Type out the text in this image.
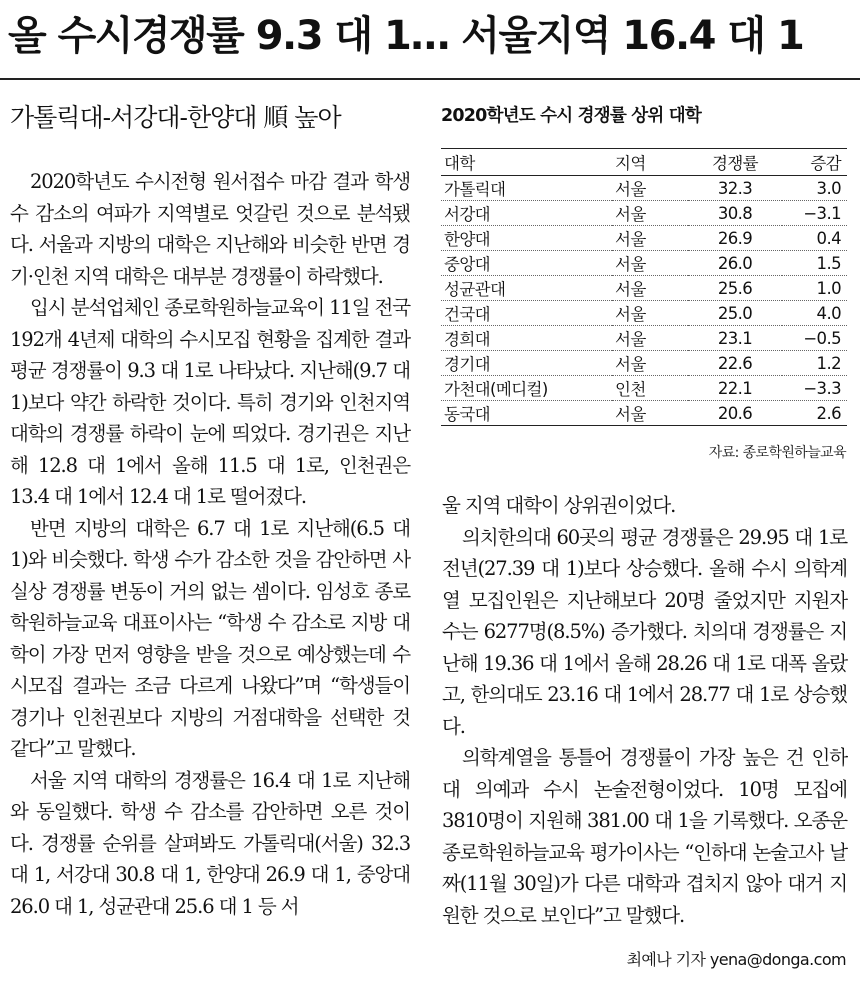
올 수시경쟁률 9.3 대 1… 서울지역 16.4 대 1
가톨릭대-서강대-한양대 順 높아

2020학년도 수시전형 원서접수 마감 결과 학생 수 감소의 여파가 지역별로 엇갈린 것으로 분석됐다. 서울과 지방의 대학은 지난해와 비슷한 반면 경기·인천 지역 대학은 대부분 경쟁률이 하락했다.

입시 분석업체인 종로학원하늘교육이 11일 전국 192개 4년제 대학의 수시모집 현황을 집계한 결과 평균 경쟁률이 9.3 대 1로 나타났다. 지난해(9.7 대 1)보다 약간 하락한 것이다. 특히 경기와 인천지역 대학의 경쟁률 하락이 눈에 띄었다. 경기권은 지난해 12.8 대 1에서 올해 11.5 대 1로, 인천권은 13.4 대 1에서 12.4 대 1로 떨어졌다.

반면 지방의 대학은 6.7 대 1로 지난해(6.5 대 1)와 비슷했다. 학생 수가 감소한 것을 감안하면 사실상 경쟁률 변동이 거의 없는 셈이다. 임성호 종로학원하늘교육 대표이사는 “학생 수 감소로 지방 대학이 가장 먼저 영향을 받을 것으로 예상했는데 수시모집 결과는 조금 다르게 나왔다”며 “학생들이 경기나 인천권보다 지방의 거점대학을 선택한 것 같다”고 말했다.

서울 지역 대학의 경쟁률은 16.4 대 1로 지난해와 동일했다. 학생 수 감소를 감안하면 오른 것이다. 경쟁률 순위를 살펴봐도 가톨릭대(서울) 32.3 대 1, 서강대 30.8 대 1, 한양대 26.9 대 1, 중앙대 26.0 대 1, 성균관대 25.6 대 1 등 서

2020학년도 수시 경쟁률 상위 대학
대학	지역	경쟁률	증감
가톨릭대	서울	32.3	3.0
서강대	서울	30.8	−3.1
한양대	서울	26.9	0.4
중앙대	서울	26.0	1.5
성균관대	서울	25.6	1.0
건국대	서울	25.0	4.0
경희대	서울	23.1	−0.5
경기대	서울	22.6	1.2
가천대(메디컬)	인천	22.1	−3.3
동국대	서울	20.6	2.6
자료: 종로학원하늘교육

울 지역 대학이 상위권이었다.

의치한의대 60곳의 평균 경쟁률은 29.95 대 1로 전년(27.39 대 1)보다 상승했다. 올해 수시 의학계열 모집인원은 지난해보다 20명 줄었지만 지원자 수는 6277명(8.5%) 증가했다. 치의대 경쟁률은 지난해 19.36 대 1에서 올해 28.26 대 1로 대폭 올랐고, 한의대도 23.16 대 1에서 28.77 대 1로 상승했다.

의학계열을 통틀어 경쟁률이 가장 높은 건 인하대 의예과 수시 논술전형이었다. 10명 모집에 3810명이 지원해 381.00 대 1을 기록했다. 오종운 종로학원하늘교육 평가이사는 “인하대 논술고사 날짜(11월 30일)가 다른 대학과 겹치지 않아 대거 지원한 것으로 보인다”고 말했다.

최예나 기자 yena@donga.com
